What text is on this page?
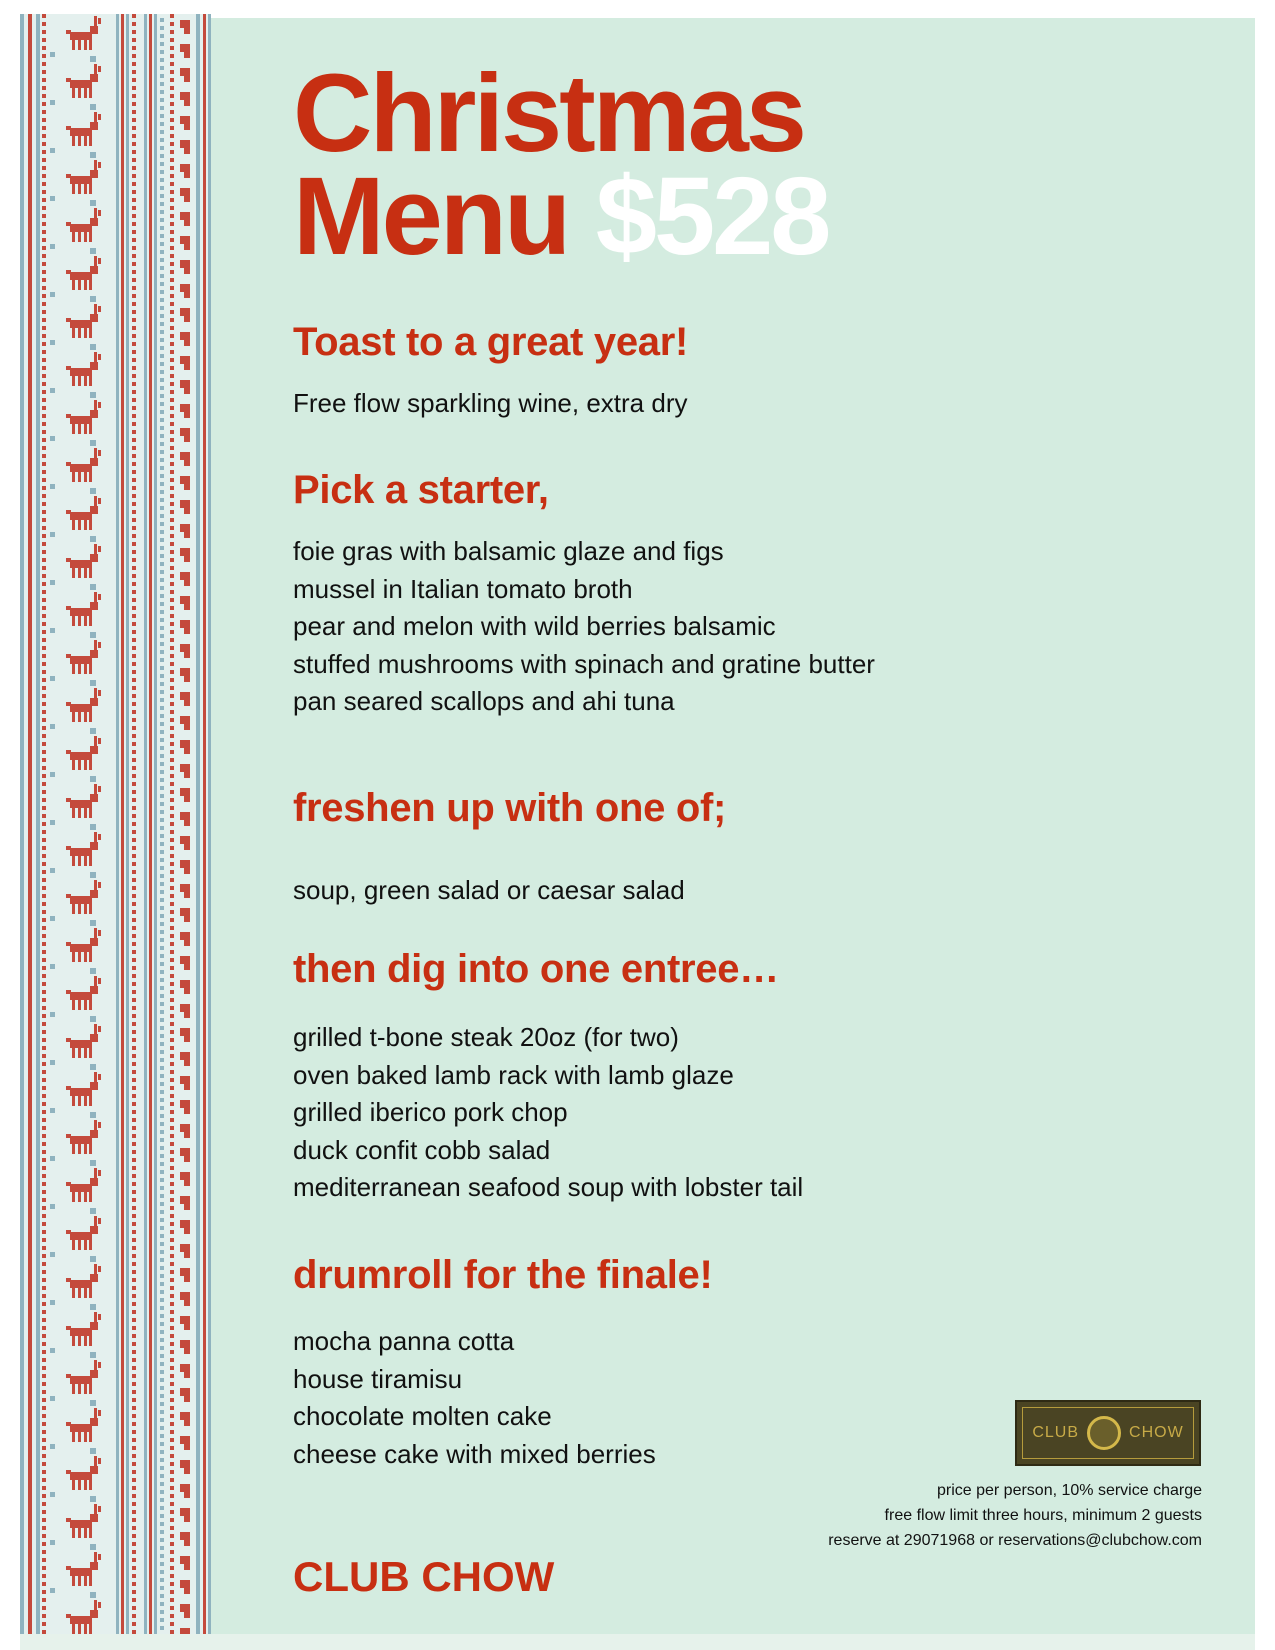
Christmas
Menu $528
Toast to a great year!
Free flow sparkling wine, extra dry
Pick a starter,
foie gras with balsamic glaze and figs
mussel in Italian tomato broth
pear and melon with wild berries balsamic
stuffed mushrooms with spinach and gratine butter
pan seared scallops and ahi tuna
freshen up with one of;
soup, green salad or caesar salad
then dig into one entree…
grilled t-bone steak 20oz (for two)
oven baked lamb rack with lamb glaze
grilled iberico pork chop
duck confit cobb salad
mediterranean seafood soup with lobster tail
drumroll for the finale!
mocha panna cotta
house tiramisu
chocolate molten cake
cheese cake with mixed berries
CLUB CHOW
CLUB	CHOW
price per person, 10% service charge
free flow limit three hours, minimum 2 guests
reserve at 29071968 or reservations@clubchow.com
